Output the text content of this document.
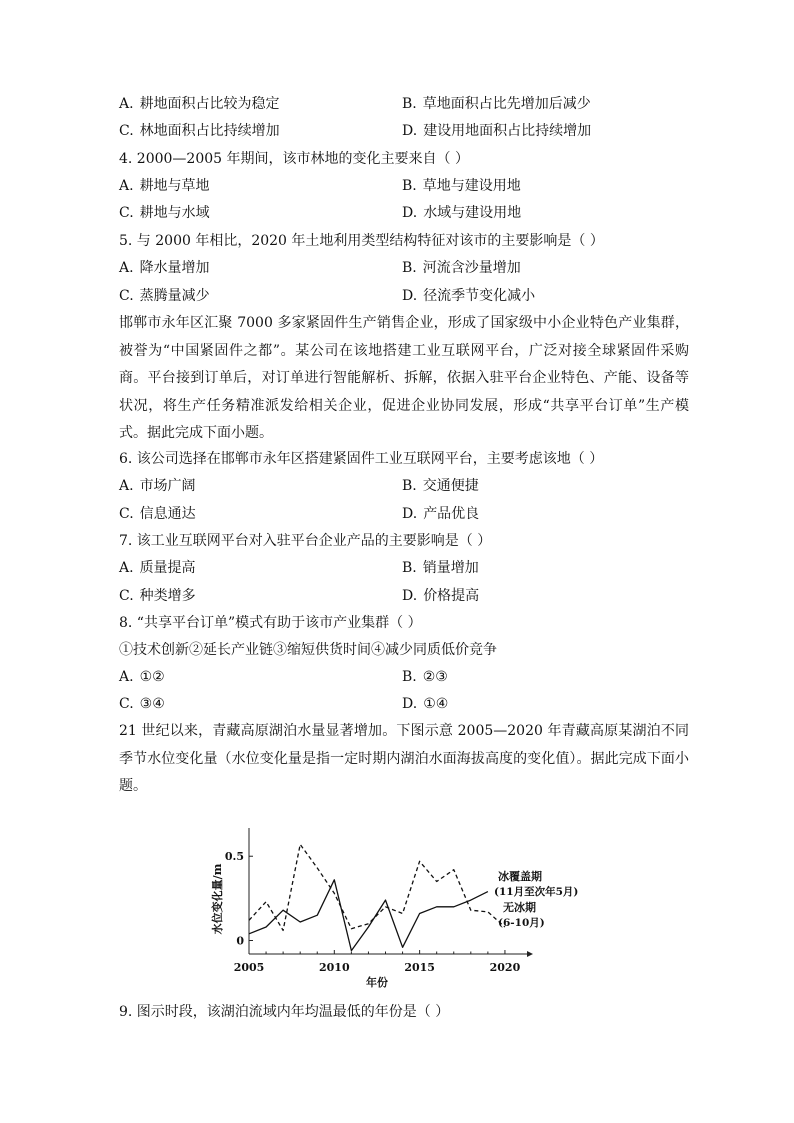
A. 耕地面积占比较为稳定	B. 草地面积占比先增加后减少
C. 林地面积占比持续增加	D. 建设用地面积占比持续增加
4. 2000—2005 年期间，该市林地的变化主要来自（ ）
A. 耕地与草地	B. 草地与建设用地
C. 耕地与水域	D. 水域与建设用地
5. 与 2000 年相比，2020 年土地利用类型结构特征对该市的主要影响是（ ）
A. 降水量增加	B. 河流含沙量增加
C. 蒸腾量减少	D. 径流季节变化减小
邯郸市永年区汇聚 7000 多家紧固件生产销售企业，形成了国家级中小企业特色产业集群，被誉为“中国紧固件之都”。某公司在该地搭建工业互联网平台，广泛对接全球紧固件采购商。平台接到订单后，对订单进行智能解析、拆解，依据入驻平台企业特色、产能、设备等状况，将生产任务精准派发给相关企业，促进企业协同发展，形成“共享平台订单”生产模式。据此完成下面小题。
6. 该公司选择在邯郸市永年区搭建紧固件工业互联网平台，主要考虑该地（ ）
A. 市场广阔	B. 交通便捷
C. 信息通达	D. 产品优良
7. 该工业互联网平台对入驻平台企业产品的主要影响是（ ）
A. 质量提高	B. 销量增加
C. 种类增多	D. 价格提高
8. “共享平台订单”模式有助于该市产业集群（ ）
①技术创新②延长产业链③缩短供货时间④减少同质低价竞争
A. ①②	B. ②③
C. ③④	D. ①④
21 世纪以来，青藏高原湖泊水量显著增加。下图示意 2005—2020 年青藏高原某湖泊不同季节水位变化量（水位变化量是指一定时期内湖泊水面海拔高度的变化值）。据此完成下面小题。
0
0.5
2005	2010	2015	2020
年份
水位变化量/m	冰覆盖期
(11月至次年5月)
无冰期
(6-10月)
9. 图示时段，该湖泊流域内年均温最低的年份是（ ）
